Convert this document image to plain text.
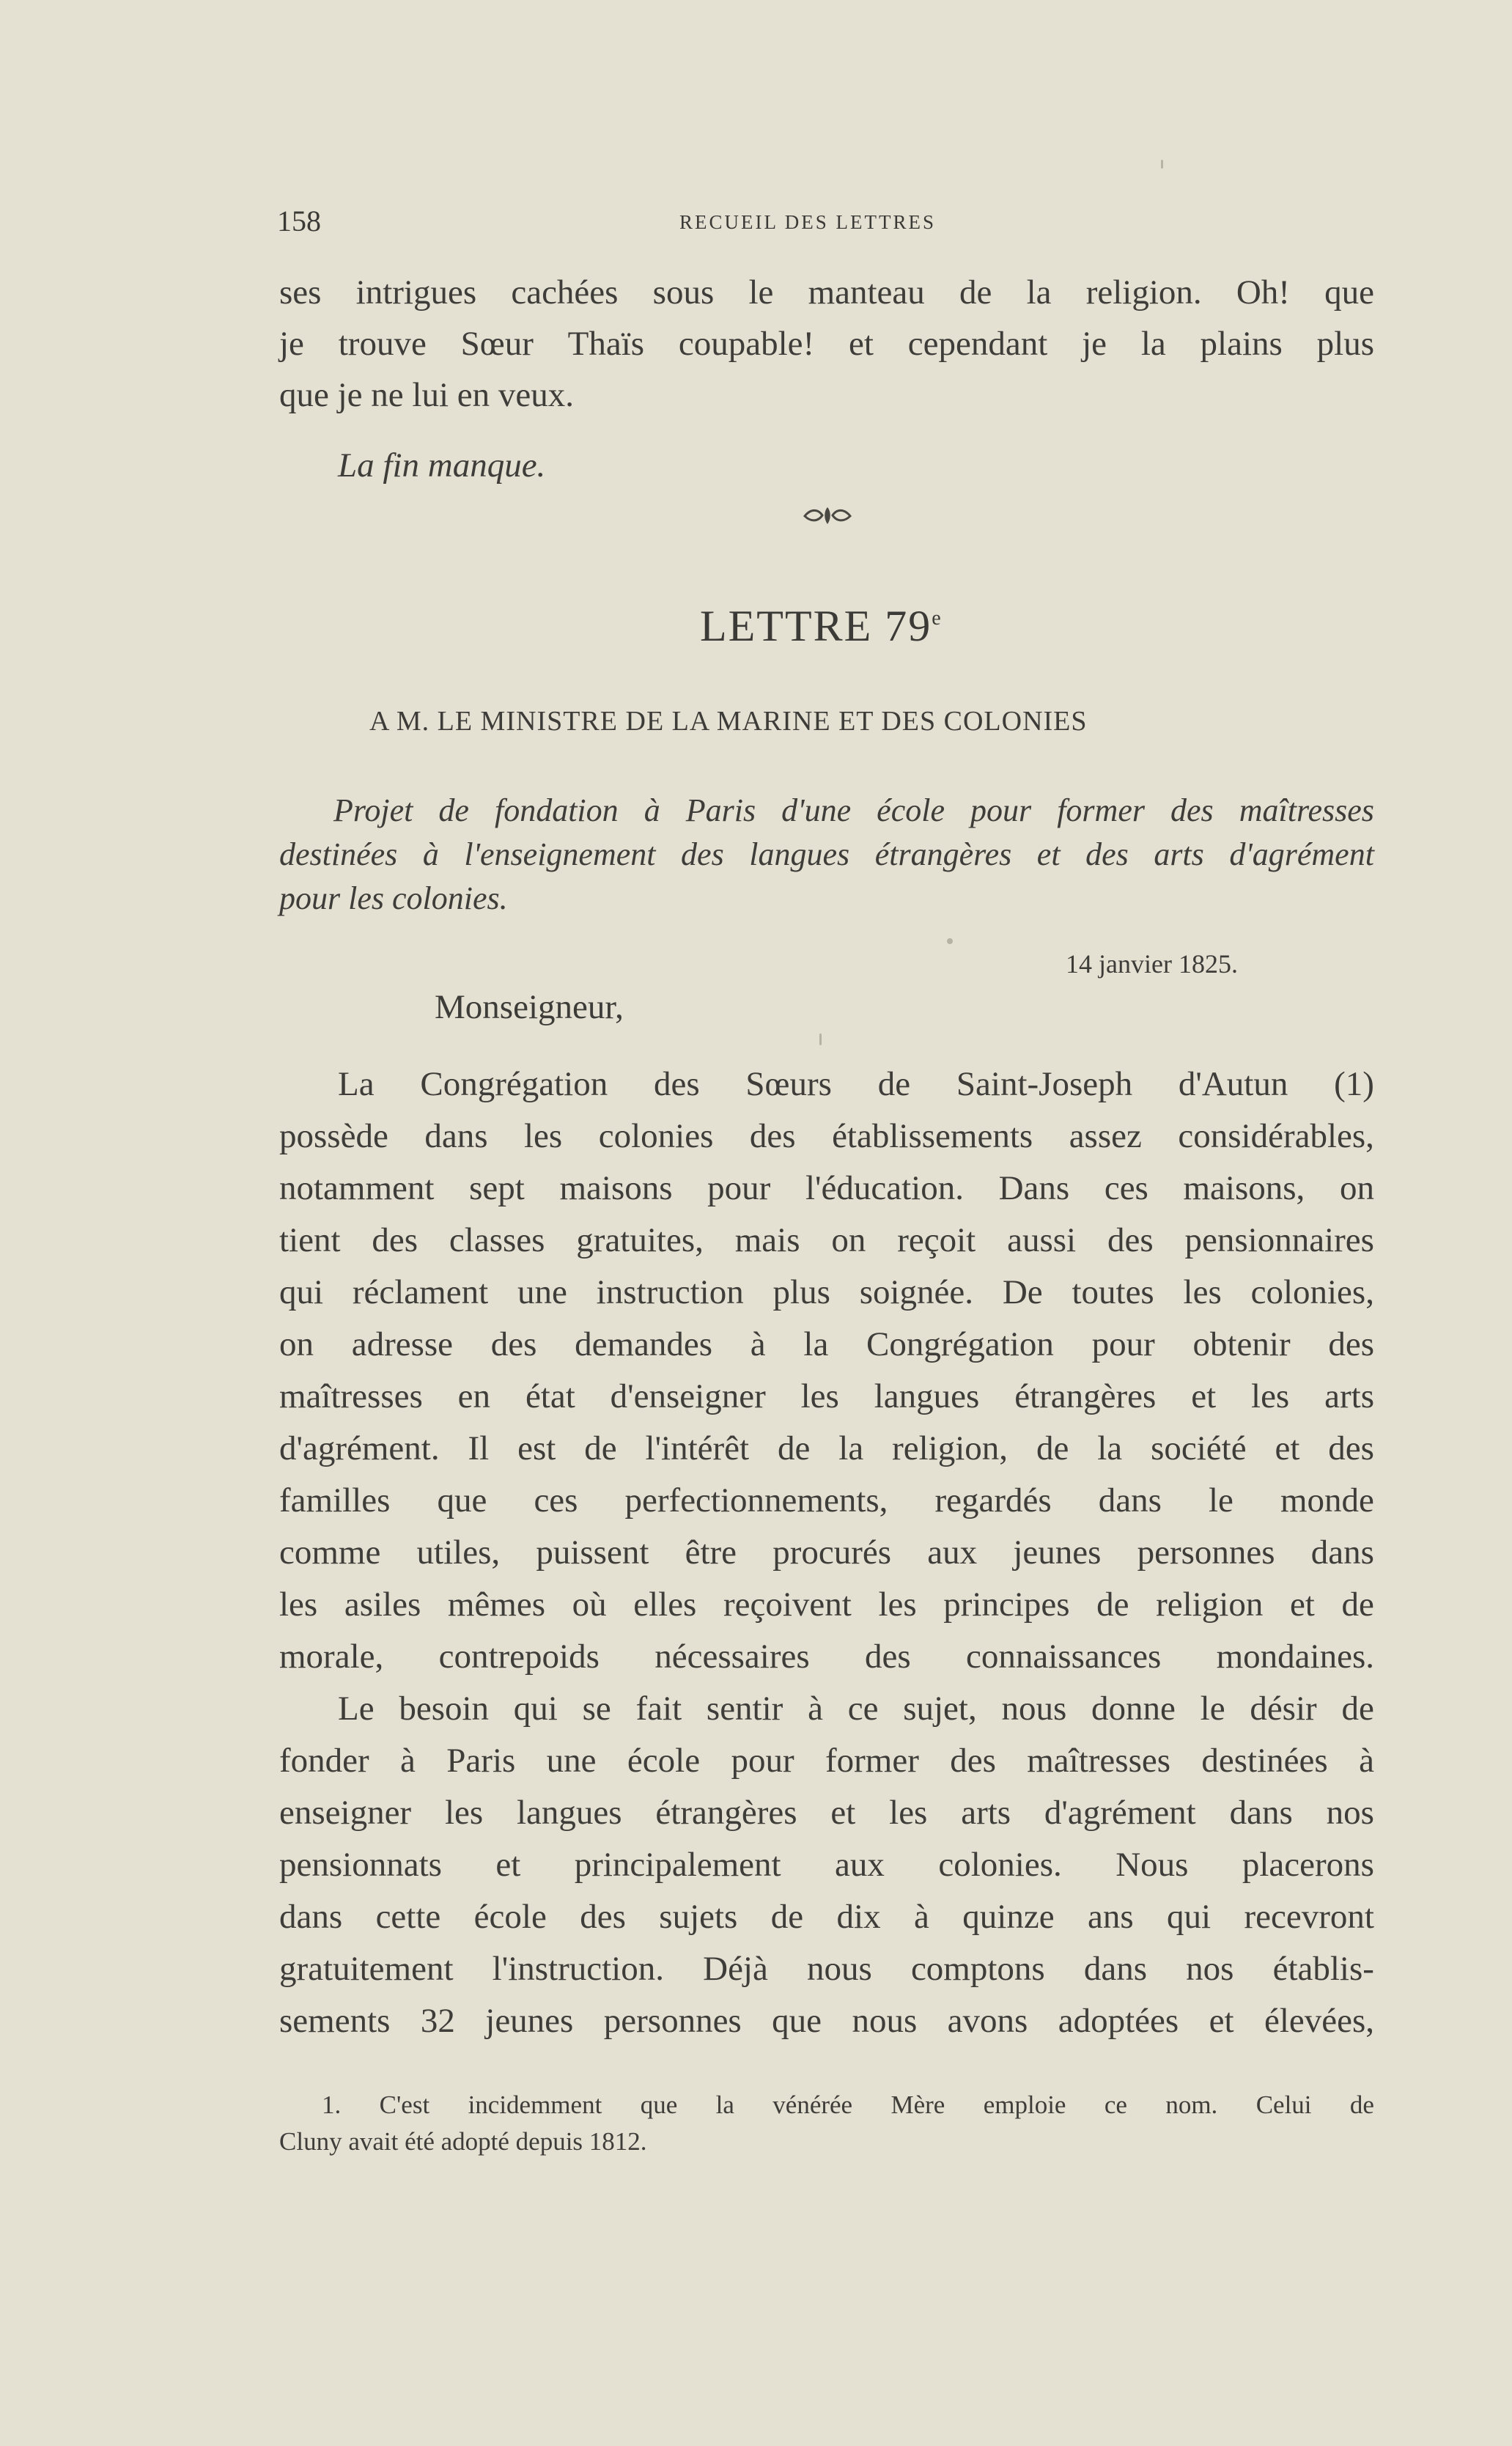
158	RECUEIL DES LETTRES
ses intrigues cachées sous le manteau de la religion. Oh! que
je trouve Sœur Thaïs coupable! et cependant je la plains plus
que je ne lui en veux.
La fin manque.
LETTRE 79e
A M. LE MINISTRE DE LA MARINE ET DES COLONIES
Projet de fondation à Paris d'une école pour former des maîtresses
destinées à l'enseignement des langues étrangères et des arts d'agrément
pour les colonies.
14 janvier 1825.
Monseigneur,
La Congrégation des Sœurs de Saint-Joseph d'Autun (1)
possède dans les colonies des établissements assez considérables,
notamment sept maisons pour l'éducation. Dans ces maisons, on
tient des classes gratuites, mais on reçoit aussi des pensionnaires
qui réclament une instruction plus soignée. De toutes les colonies,
on adresse des demandes à la Congrégation pour obtenir des
maîtresses en état d'enseigner les langues étrangères et les arts
d'agrément. Il est de l'intérêt de la religion, de la société et des
familles que ces perfectionnements, regardés dans le monde
comme utiles, puissent être procurés aux jeunes personnes dans
les asiles mêmes où elles reçoivent les principes de religion et de
morale, contrepoids nécessaires des connaissances mondaines.
Le besoin qui se fait sentir à ce sujet, nous donne le désir de
fonder à Paris une école pour former des maîtresses destinées à
enseigner les langues étrangères et les arts d'agrément dans nos
pensionnats et principalement aux colonies. Nous placerons
dans cette école des sujets de dix à quinze ans qui recevront
gratuitement l'instruction. Déjà nous comptons dans nos établis-
sements 32 jeunes personnes que nous avons adoptées et élevées,
1. C'est incidemment que la vénérée Mère emploie ce nom. Celui de
Cluny avait été adopté depuis 1812.
